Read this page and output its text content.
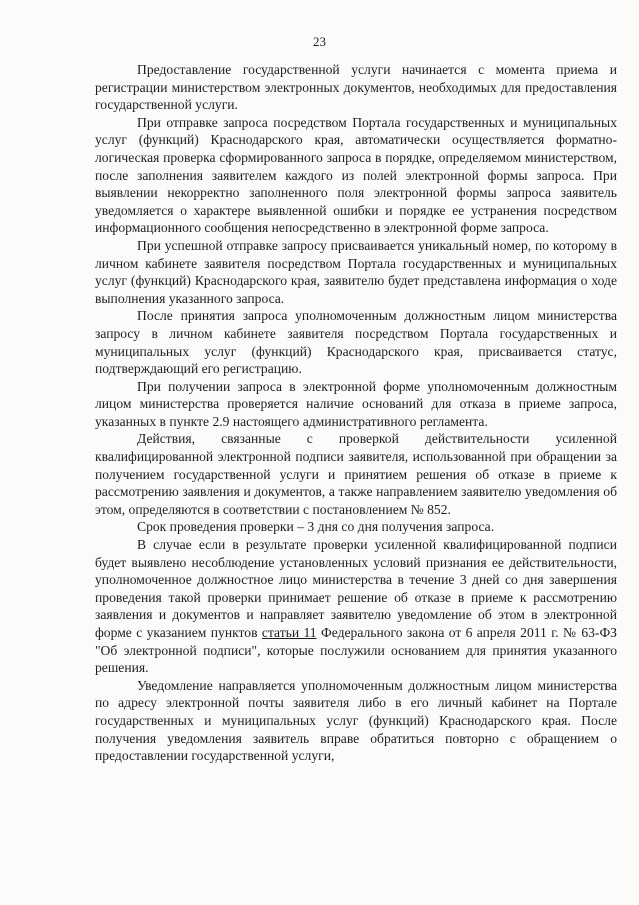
23

Предоставление государственной услуги начинается с момента приема и регистрации министерством электронных документов, необходимых для предоставления государственной услуги.

При отправке запроса посредством Портала государственных и муниципальных услуг (функций) Краснодарского края, автоматически осуществляется форматно-логическая проверка сформированного запроса в порядке, определяемом министерством, после заполнения заявителем каждого из полей электронной формы запроса. При выявлении некорректно заполненного поля электронной формы запроса заявитель уведомляется о характере выявленной ошибки и порядке ее устранения посредством информационного сообщения непосредственно в электронной форме запроса.

При успешной отправке запросу присваивается уникальный номер, по которому в личном кабинете заявителя посредством Портала государственных и муниципальных услуг (функций) Краснодарского края, заявителю будет представлена информация о ходе выполнения указанного запроса.

После принятия запроса уполномоченным должностным лицом министерства запросу в личном кабинете заявителя посредством Портала государственных и муниципальных услуг (функций) Краснодарского края, присваивается статус, подтверждающий его регистрацию.

При получении запроса в электронной форме уполномоченным должностным лицом министерства проверяется наличие оснований для отказа в приеме запроса, указанных в пункте 2.9 настоящего административного регламента.

Действия, связанные с проверкой действительности усиленной квалифицированной электронной подписи заявителя, использованной при обращении за получением государственной услуги и принятием решения об отказе в приеме к рассмотрению заявления и документов, а также направлением заявителю уведомления об этом, определяются в соответствии с постановлением № 852.

Срок проведения проверки – 3 дня со дня получения запроса.

В случае если в результате проверки усиленной квалифицированной подписи будет выявлено несоблюдение установленных условий признания ее действительности, уполномоченное должностное лицо министерства в течение 3 дней со дня завершения проведения такой проверки принимает решение об отказе в приеме к рассмотрению заявления и документов и направляет заявителю уведомление об этом в электронной форме с указанием пунктов статьи 11 Федерального закона от 6 апреля 2011 г. № 63-ФЗ "Об электронной подписи", которые послужили основанием для принятия указанного решения.

Уведомление направляется уполномоченным должностным лицом министерства по адресу электронной почты заявителя либо в его личный кабинет на Портале государственных и муниципальных услуг (функций) Краснодарского края. После получения уведомления заявитель вправе обратиться повторно с обращением о предоставлении государственной услуги,
